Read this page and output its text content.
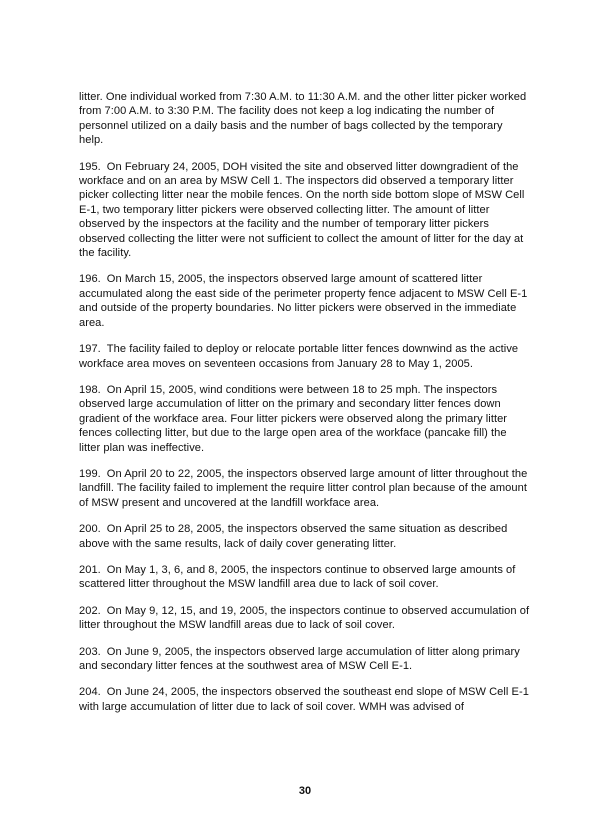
litter. One individual worked from 7:30 A.M. to 11:30 A.M. and the other litter picker worked from 7:00 A.M. to 3:30 P.M. The facility does not keep a log indicating the number of personnel utilized on a daily basis and the number of bags collected by the temporary help.

195. On February 24, 2005, DOH visited the site and observed litter downgradient of the workface and on an area by MSW Cell 1. The inspectors did observed a temporary litter picker collecting litter near the mobile fences. On the north side bottom slope of MSW Cell E-1, two temporary litter pickers were observed collecting litter. The amount of litter observed by the inspectors at the facility and the number of temporary litter pickers observed collecting the litter were not sufficient to collect the amount of litter for the day at the facility.

196. On March 15, 2005, the inspectors observed large amount of scattered litter accumulated along the east side of the perimeter property fence adjacent to MSW Cell E-1 and outside of the property boundaries. No litter pickers were observed in the immediate area.

197. The facility failed to deploy or relocate portable litter fences downwind as the active workface area moves on seventeen occasions from January 28 to May 1, 2005.

198. On April 15, 2005, wind conditions were between 18 to 25 mph. The inspectors observed large accumulation of litter on the primary and secondary litter fences down gradient of the workface area. Four litter pickers were observed along the primary litter fences collecting litter, but due to the large open area of the workface (pancake fill) the litter plan was ineffective.

199. On April 20 to 22, 2005, the inspectors observed large amount of litter throughout the landfill. The facility failed to implement the require litter control plan because of the amount of MSW present and uncovered at the landfill workface area.

200. On April 25 to 28, 2005, the inspectors observed the same situation as described above with the same results, lack of daily cover generating litter.

201. On May 1, 3, 6, and 8, 2005, the inspectors continue to observed large amounts of scattered litter throughout the MSW landfill area due to lack of soil cover.

202. On May 9, 12, 15, and 19, 2005, the inspectors continue to observed accumulation of litter throughout the MSW landfill areas due to lack of soil cover.

203. On June 9, 2005, the inspectors observed large accumulation of litter along primary and secondary litter fences at the southwest area of MSW Cell E-1.

204. On June 24, 2005, the inspectors observed the southeast end slope of MSW Cell E-1 with large accumulation of litter due to lack of soil cover. WMH was advised of

30
